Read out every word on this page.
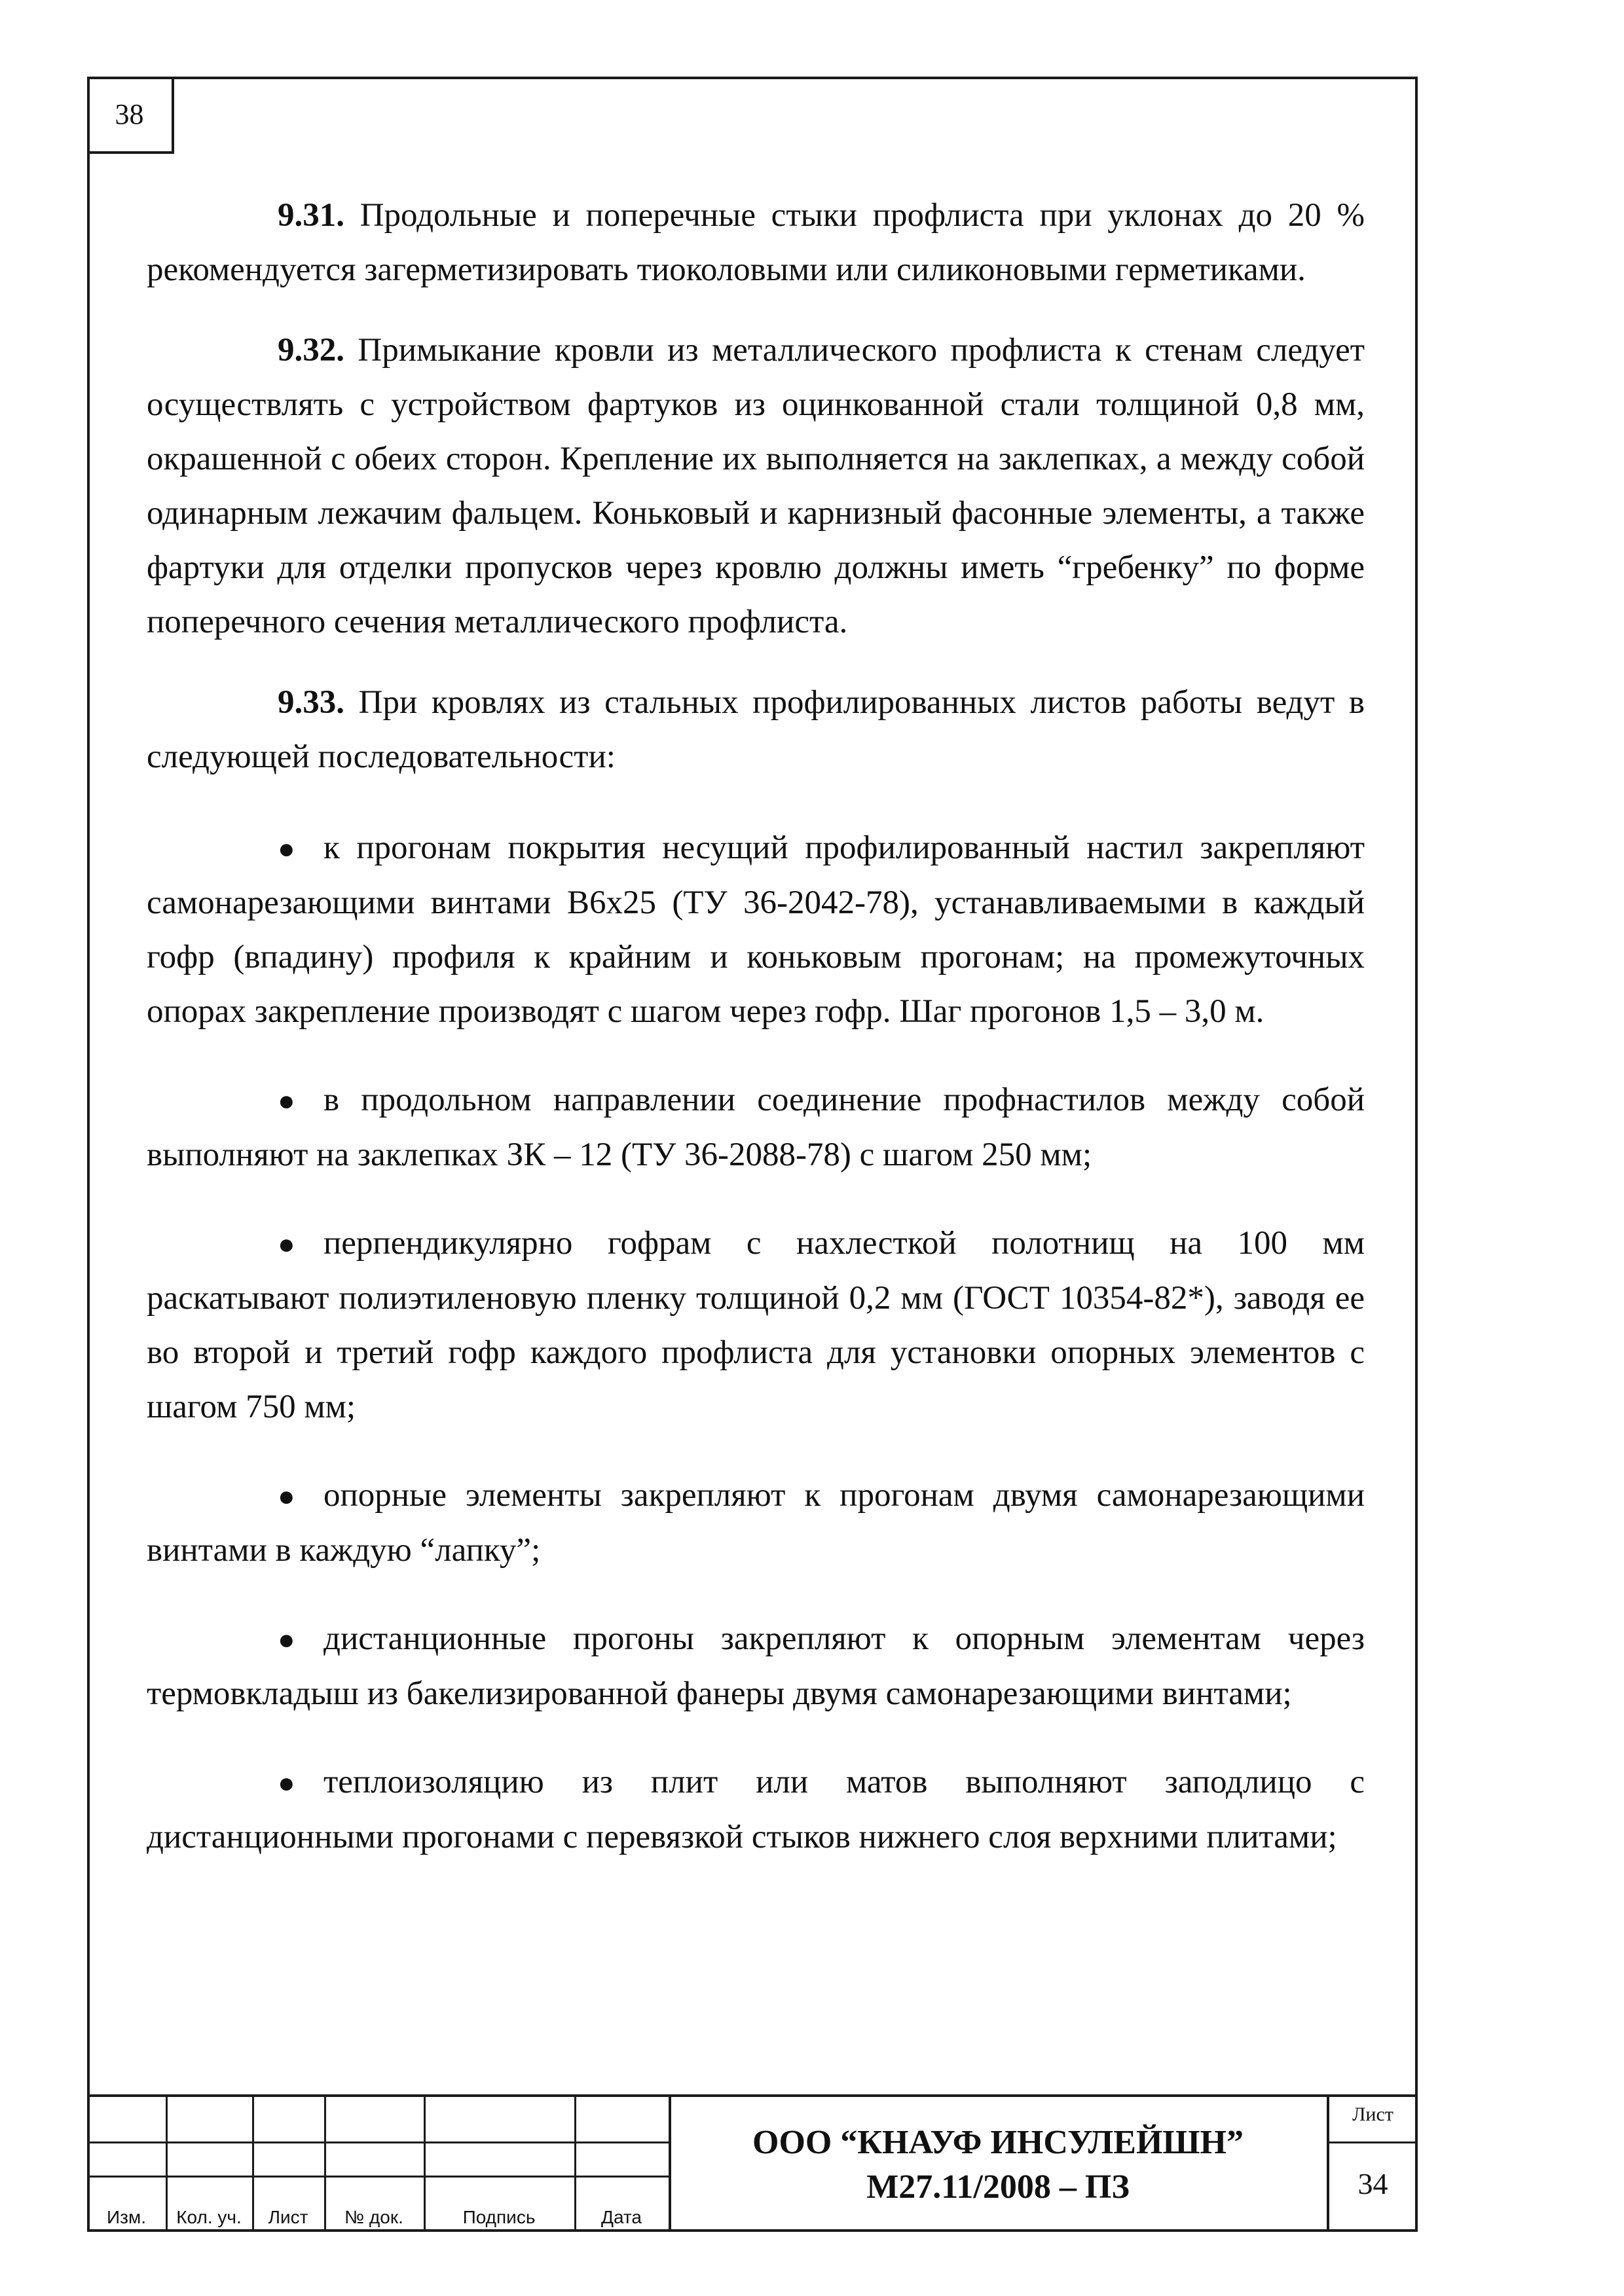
38

9.31. Продольные и поперечные стыки профлиста при уклонах до 20 % рекомендуется загерметизировать тиоколовыми или силиконовыми герметиками.

9.32. Примыкание кровли из металлического профлиста к стенам следует осуществлять с устройством фартуков из оцинкованной стали толщиной 0,8 мм, окрашенной с обеих сторон. Крепление их выполняется на заклепках, а между собой одинарным лежачим фальцем. Коньковый и карнизный фасонные элементы, а также фартуки для отделки пропусков через кровлю должны иметь “гребенку” по форме поперечного сечения металлического профлиста.

9.33. При кровлях из стальных профилированных листов работы ведут в следующей последовательности:

● к прогонам покрытия несущий профилированный настил закрепляют самонарезающими винтами В6х25 (ТУ 36-2042-78), устанавливаемыми в каждый гофр (впадину) профиля к крайним и коньковым прогонам; на промежуточных опорах закрепление производят с шагом через гофр. Шаг прогонов 1,5 – 3,0 м.
● в продольном направлении соединение профнастилов между собой выполняют на заклепках ЗК – 12 (ТУ 36-2088-78) с шагом 250 мм;
● перпендикулярно гофрам с нахлесткой полотнищ на 100 мм раскатывают полиэтиленовую пленку толщиной 0,2 мм (ГОСТ 10354-82*), заводя ее во второй и третий гофр каждого профлиста для установки опорных элементов с шагом 750 мм;
● опорные элементы закрепляют к прогонам двумя самонарезающими винтами в каждую “лапку”;
● дистанционные прогоны закрепляют к опорным элементам через термовкладыш из бакелизированной фанеры двумя самонарезающими винтами;
● теплоизоляцию из плит или матов выполняют заподлицо с дистанционными прогонами с перевязкой стыков нижнего слоя верхними плитами;
Изм.	Кол. уч.	Лист	№ док.	Подпись	Дата
ООО “КНАУФ ИНСУЛЕЙШН”
М27.11/2008 – ПЗ
Лист
34
